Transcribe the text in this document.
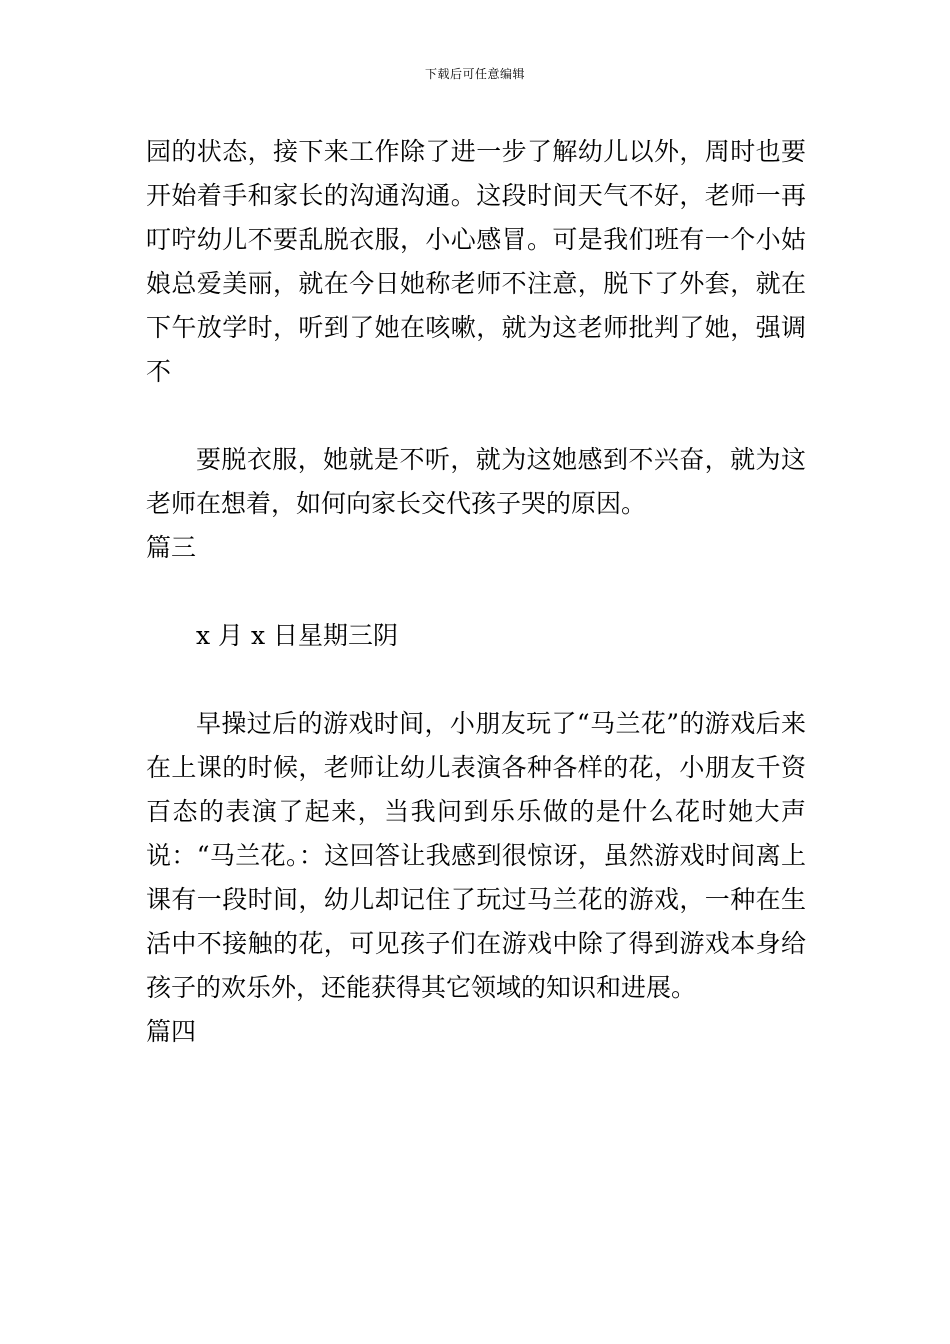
下载后可任意编辑

园的状态，接下来工作除了进一步了解幼儿以外，周时也要开始着手和家长的沟通沟通。这段时间天气不好，老师一再叮咛幼儿不要乱脱衣服，小心感冒。可是我们班有一个小姑娘总爱美丽，就在今日她称老师不注意，脱下了外套，就在下午放学时，听到了她在咳嗽，就为这老师批判了她，强调不

要脱衣服，她就是不听，就为这她感到不兴奋，就为这老师在想着，如何向家长交代孩子哭的原因。

篇三

x 月 x 日星期三阴

早操过后的游戏时间，小朋友玩了“马兰花”的游戏后来在上课的时候，老师让幼儿表演各种各样的花，小朋友千资百态的表演了起来，当我问到乐乐做的是什么花时她大声说：“马兰花。：这回答让我感到很惊讶，虽然游戏时间离上课有一段时间，幼儿却记住了玩过马兰花的游戏，一种在生活中不接触的花，可见孩子们在游戏中除了得到游戏本身给孩子的欢乐外，还能获得其它领域的知识和进展。

篇四
